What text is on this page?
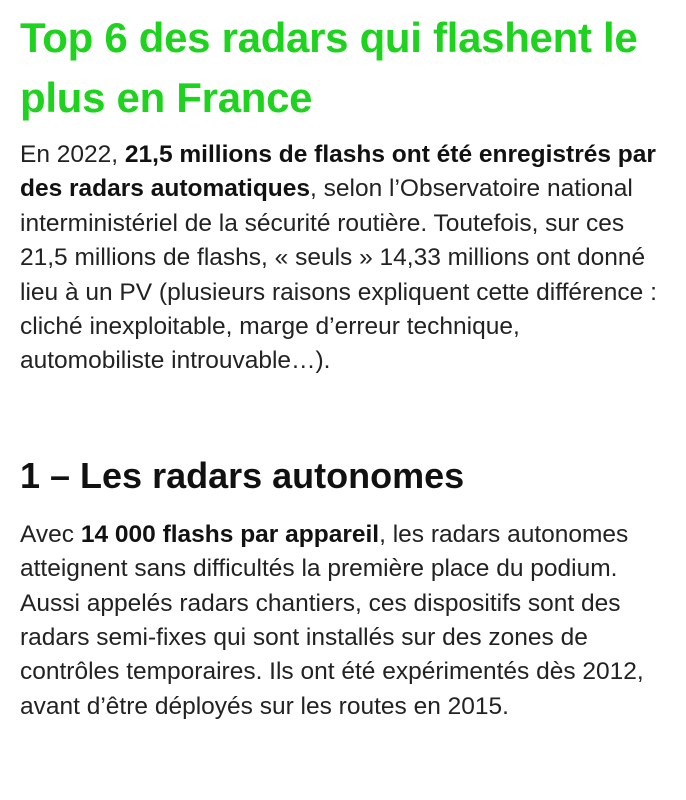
Top 6 des radars qui flashent le plus en France

En 2022, 21,5 millions de flashs ont été enregistrés par des radars automatiques, selon l’Observatoire national interministériel de la sécurité routière. Toutefois, sur ces 21,5 millions de flashs, « seuls » 14,33 millions ont donné lieu à un PV (plusieurs raisons expliquent cette différence : cliché inexploitable, marge d’erreur technique, automobiliste introuvable…).

1 – Les radars autonomes

Avec 14 000 flashs par appareil, les radars autonomes atteignent sans difficultés la première place du podium. Aussi appelés radars chantiers, ces dispositifs sont des radars semi-fixes qui sont installés sur des zones de contrôles temporaires. Ils ont été expérimentés dès 2012, avant d’être déployés sur les routes en 2015.
